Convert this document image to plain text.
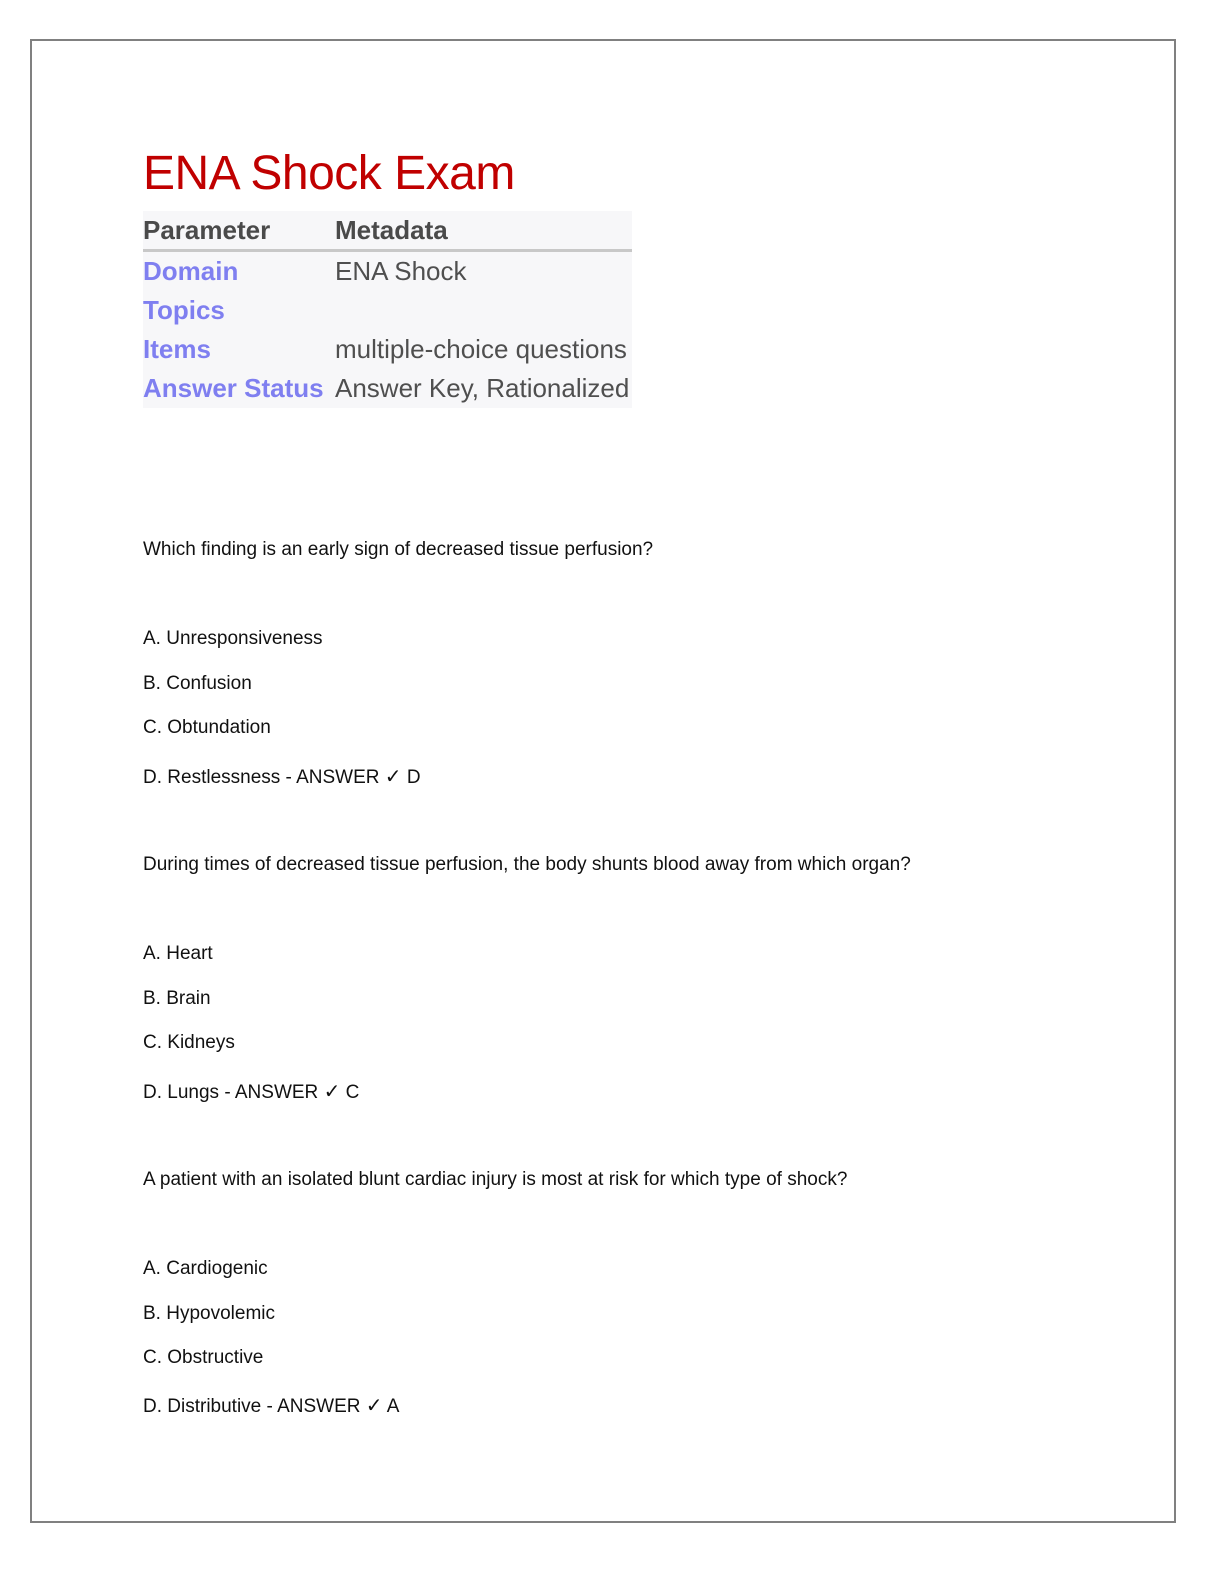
ENA Shock Exam
Parameter	Metadata
Domain	ENA Shock
Topics	
Items	multiple-choice questions
Answer Status	Answer Key, Rationalized

Which finding is an early sign of decreased tissue perfusion?

A. Unresponsiveness

B. Confusion

C. Obtundation

D. Restlessness - ANSWER ✓ D

During times of decreased tissue perfusion, the body shunts blood away from which organ?

A. Heart

B. Brain

C. Kidneys

D. Lungs - ANSWER ✓ C

A patient with an isolated blunt cardiac injury is most at risk for which type of shock?

A. Cardiogenic

B. Hypovolemic

C. Obstructive

D. Distributive - ANSWER ✓ A
